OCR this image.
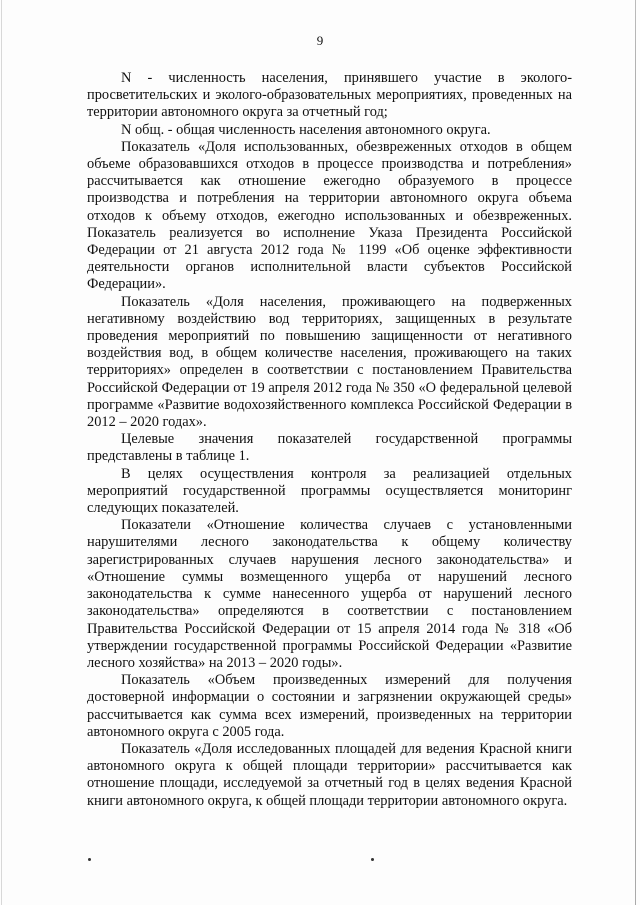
9

N - численность населения, принявшего участие в эколого-просветительских и эколого-образовательных мероприятиях, проведенных на территории автономного округа за отчетный год;

N общ. - общая численность населения автономного округа.

Показатель «Доля использованных, обезвреженных отходов в общем объеме образовавшихся отходов в процессе производства и потребления» рассчитывается как отношение ежегодно образуемого в процессе производства и потребления на территории автономного округа объема отходов к объему отходов, ежегодно использованных и обезвреженных. Показатель реализуется во исполнение Указа Президента Российской Федерации от 21 августа 2012 года № 1199 «Об оценке эффективности деятельности органов исполнительной власти субъектов Российской Федерации».

Показатель «Доля населения, проживающего на подверженных негативному воздействию вод территориях, защищенных в результате проведения мероприятий по повышению защищенности от негативного воздействия вод, в общем количестве населения, проживающего на таких территориях» определен в соответствии с постановлением Правительства Российской Федерации от 19 апреля 2012 года № 350 «О федеральной целевой программе «Развитие водохозяйственного комплекса Российской Федерации в 2012 – 2020 годах».

Целевые значения показателей государственной программы представлены в таблице 1.

В целях осуществления контроля за реализацией отдельных мероприятий государственной программы осуществляется мониторинг следующих показателей.

Показатели «Отношение количества случаев с установленными нарушителями лесного законодательства к общему количеству зарегистрированных случаев нарушения лесного законодательства» и «Отношение суммы возмещенного ущерба от нарушений лесного законодательства к сумме нанесенного ущерба от нарушений лесного законодательства» определяются в соответствии с постановлением Правительства Российской Федерации от 15 апреля 2014 года № 318 «Об утверждении государственной программы Российской Федерации «Развитие лесного хозяйства» на 2013 – 2020 годы».

Показатель «Объем произведенных измерений для получения достоверной информации о состоянии и загрязнении окружающей среды» рассчитывается как сумма всех измерений, произведенных на территории автономного округа с 2005 года.

Показатель «Доля исследованных площадей для ведения Красной книги автономного округа к общей площади территории» рассчитывается как отношение площади, исследуемой за отчетный год в целях ведения Красной книги автономного округа, к общей площади территории автономного округа.
